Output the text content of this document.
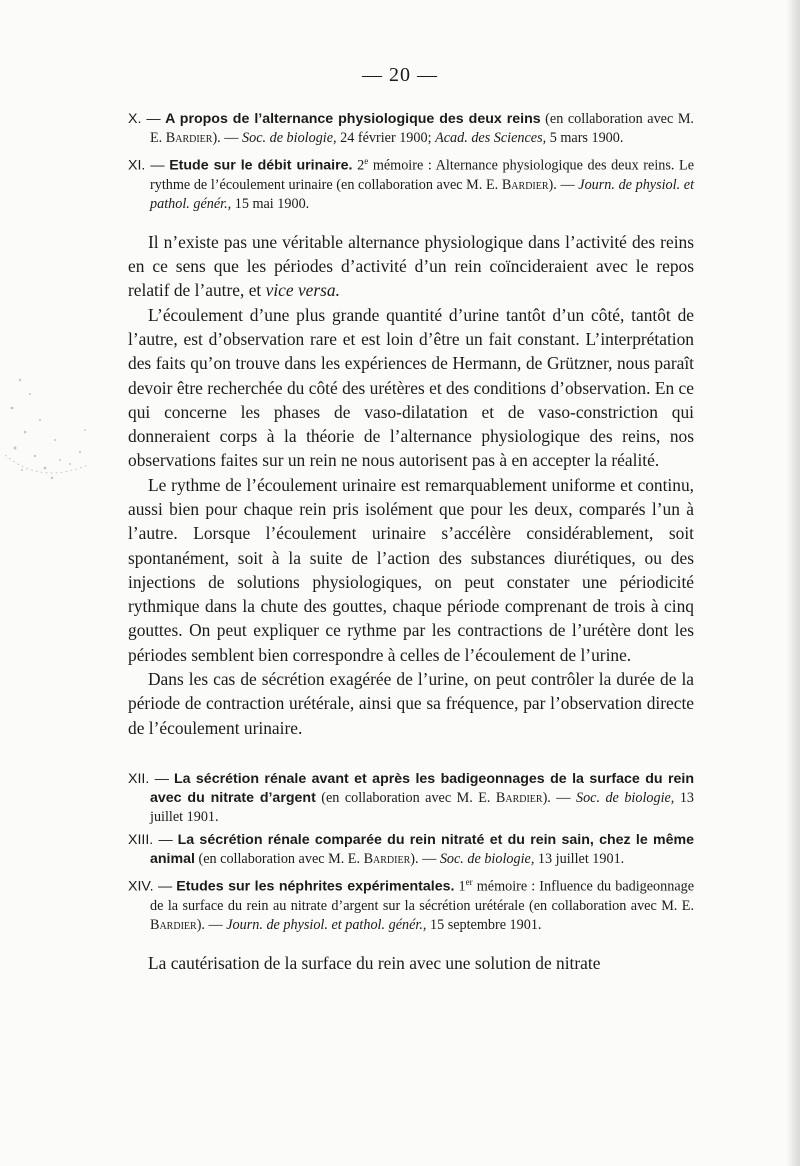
— 20 —

X. — A propos de l’alternance physiologique des deux reins (en collaboration avec M. E. Bardier). — Soc. de biologie, 24 février 1900; Acad. des Sciences, 5 mars 1900.

XI. — Etude sur le débit urinaire. 2e mémoire : Alternance physiologique des deux reins. Le rythme de l’écoulement urinaire (en collaboration avec M. E. Bardier). — Journ. de physiol. et pathol. génér., 15 mai 1900.

Il n’existe pas une véritable alternance physiologique dans l’activité des reins en ce sens que les périodes d’activité d’un rein coïncideraient avec le repos relatif de l’autre, et vice versa.

L’écoulement d’une plus grande quantité d’urine tantôt d’un côté, tantôt de l’autre, est d’observation rare et est loin d’être un fait constant. L’interprétation des faits qu’on trouve dans les expériences de Hermann, de Grützner, nous paraît devoir être recherchée du côté des urétères et des conditions d’observation. En ce qui concerne les phases de vaso-dilatation et de vaso-constriction qui donneraient corps à la théorie de l’alternance physiologique des reins, nos observations faites sur un rein ne nous autorisent pas à en accepter la réalité.

Le rythme de l’écoulement urinaire est remarquablement uniforme et continu, aussi bien pour chaque rein pris isolément que pour les deux, comparés l’un à l’autre. Lorsque l’écoulement urinaire s’accélère considérablement, soit spontanément, soit à la suite de l’action des substances diurétiques, ou des injections de solutions physiologiques, on peut constater une périodicité rythmique dans la chute des gouttes, chaque période comprenant de trois à cinq gouttes. On peut expliquer ce rythme par les contractions de l’urétère dont les périodes semblent bien correspondre à celles de l’écoulement de l’urine.

Dans les cas de sécrétion exagérée de l’urine, on peut contrôler la durée de la période de contraction urétérale, ainsi que sa fréquence, par l’observation directe de l’écoulement urinaire.

XII. — La sécrétion rénale avant et après les badigeonnages de la surface du rein avec du nitrate d’argent (en collaboration avec M. E. Bardier). — Soc. de biologie, 13 juillet 1901.

XIII. — La sécrétion rénale comparée du rein nitraté et du rein sain, chez le même animal (en collaboration avec M. E. Bardier). — Soc. de biologie, 13 juillet 1901.

XIV. — Etudes sur les néphrites expérimentales. 1er mémoire : Influence du badigeonnage de la surface du rein au nitrate d’argent sur la sécrétion urétérale (en collaboration avec M. E. Bardier). — Journ. de physiol. et pathol. génér., 15 septembre 1901.

La cautérisation de la surface du rein avec une solution de nitrate
